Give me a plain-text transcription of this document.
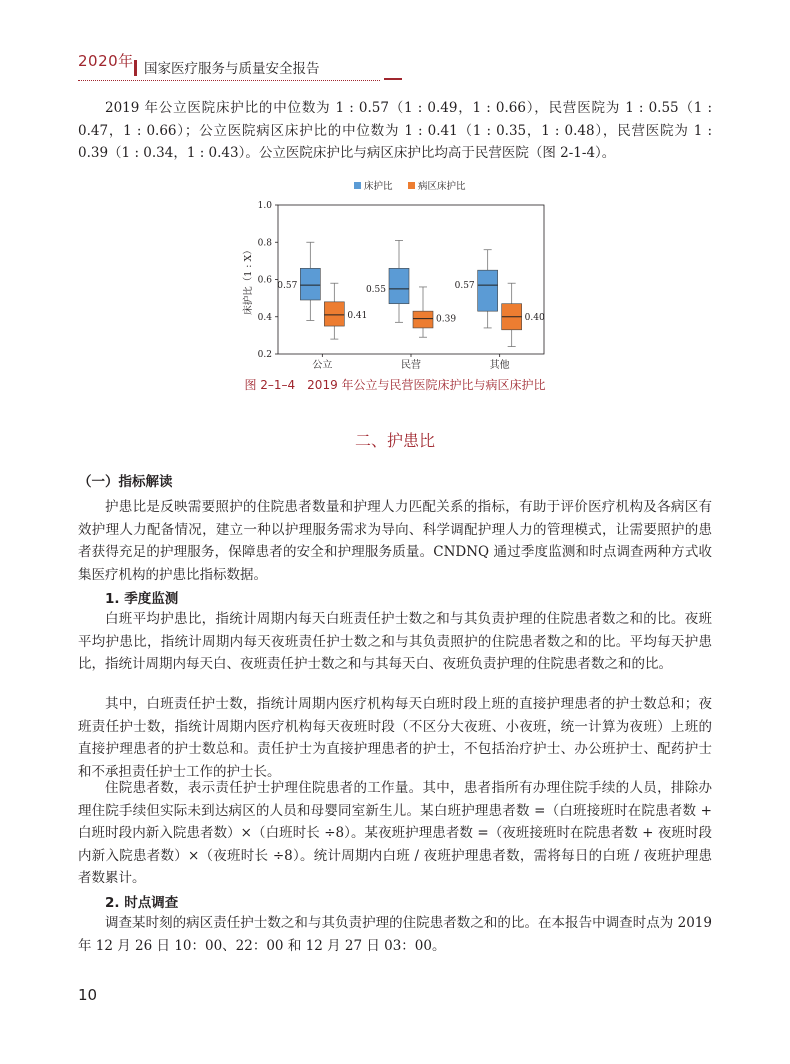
2020年 国家医疗服务与质量安全报告
2019 年公立医院床护比的中位数为 1 : 0.57（1 : 0.49，1 : 0.66），民营医院为 1 : 0.55（1 : 0.47，1 : 0.66）；公立医院病区床护比的中位数为 1 : 0.41（1 : 0.35，1 : 0.48），民营医院为 1 : 0.39（1 : 0.34，1 : 0.43）。公立医院床护比与病区床护比均高于民营医院（图 2-1-4）。
床护比	病区床护比
床护比（1 : X）
0.2
0.4
0.6
0.8
1.0
0.57
0.41
0.55
0.39
0.57
0.40
公立	民营	其他
图 2–1–4　2019 年公立与民营医院床护比与病区床护比
二、护患比
（一）指标解读
护患比是反映需要照护的住院患者数量和护理人力匹配关系的指标，有助于评价医疗机构及各病区有效护理人力配备情况，建立一种以护理服务需求为导向、科学调配护理人力的管理模式，让需要照护的患者获得充足的护理服务，保障患者的安全和护理服务质量。CNDNQ 通过季度监测和时点调查两种方式收集医疗机构的护患比指标数据。
1. 季度监测
白班平均护患比，指统计周期内每天白班责任护士数之和与其负责护理的住院患者数之和的比。夜班平均护患比，指统计周期内每天夜班责任护士数之和与其负责照护的住院患者数之和的比。平均每天护患比，指统计周期内每天白、夜班责任护士数之和与其每天白、夜班负责护理的住院患者数之和的比。
其中，白班责任护士数，指统计周期内医疗机构每天白班时段上班的直接护理患者的护士数总和；夜班责任护士数，指统计周期内医疗机构每天夜班时段（不区分大夜班、小夜班，统一计算为夜班）上班的直接护理患者的护士数总和。责任护士为直接护理患者的护士，不包括治疗护士、办公班护士、配药护士和不承担责任护士工作的护士长。
住院患者数，表示责任护士护理住院患者的工作量。其中，患者指所有办理住院手续的人员，排除办理住院手续但实际未到达病区的人员和母婴同室新生儿。某白班护理患者数 =（白班接班时在院患者数 + 白班时段内新入院患者数）×（白班时长 ÷8）。某夜班护理患者数 =（夜班接班时在院患者数 + 夜班时段内新入院患者数）×（夜班时长 ÷8）。统计周期内白班 / 夜班护理患者数，需将每日的白班 / 夜班护理患者数累计。
2. 时点调查
调查某时刻的病区责任护士数之和与其负责护理的住院患者数之和的比。在本报告中调查时点为 2019 年 12 月 26 日 10：00、22：00 和 12 月 27 日 03：00。
10
